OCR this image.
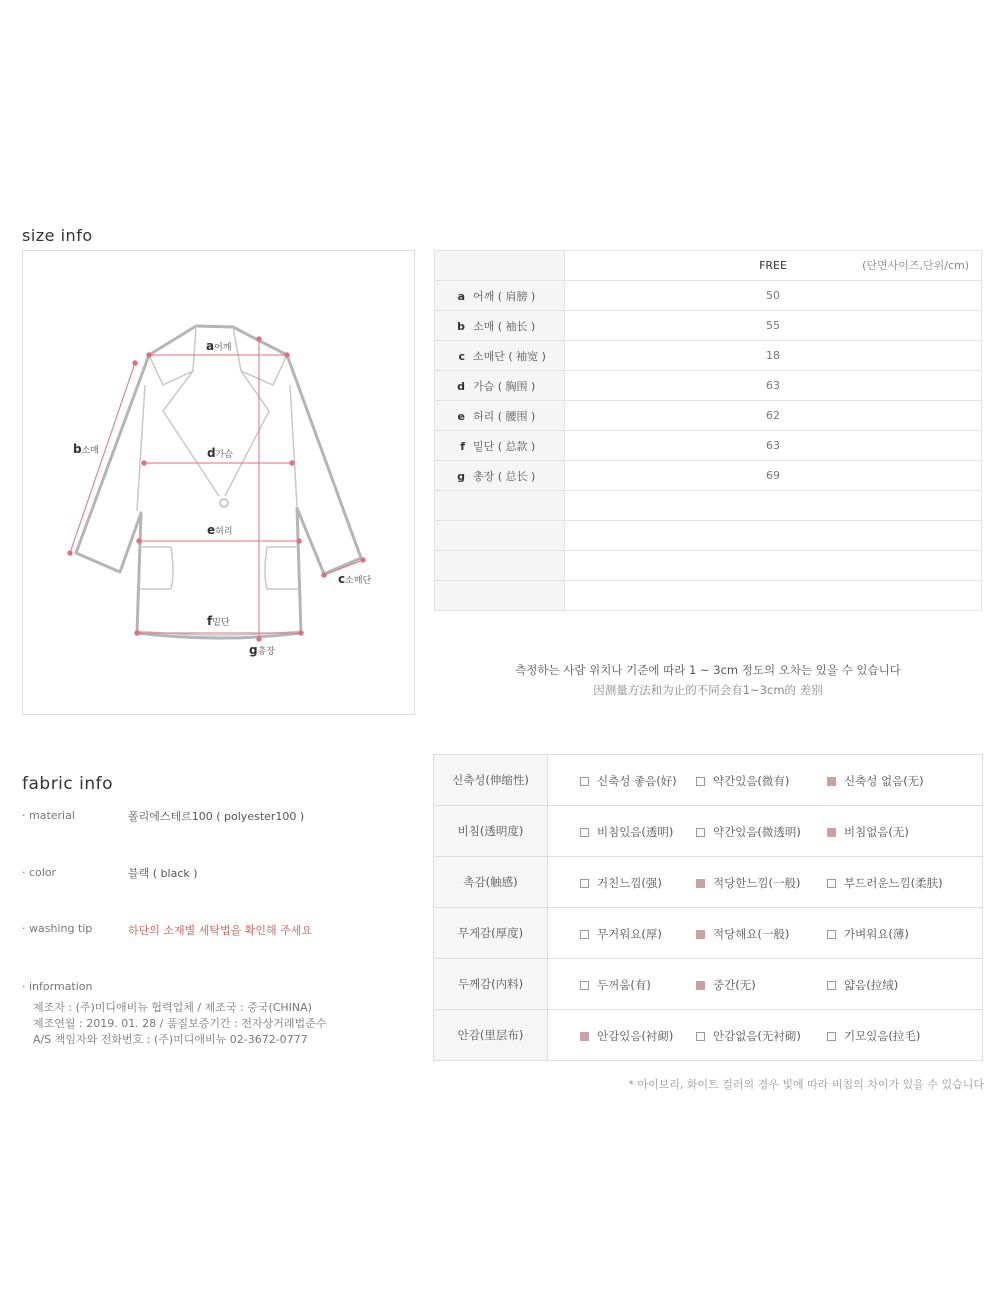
size info
a어깨
b소매
c소매단
d가슴
e허리
f밑단
g총장
	FREE (단면사이즈,단위/cm)

a 어깨 ( 肩膀 )	50
b 소매 ( 袖长 )	55
c 소매단 ( 袖宽 )	18
d 가슴 ( 胸围 )	63
e 허리 ( 腰围 )	62
f 밑단 ( 总款 )	63
g 총장 ( 总长 )	69

측정하는 사람 위치나 기준에 따라 1 ~ 3cm 정도의 오차는 있을 수 있습니다
因测量方法和为止的不同会有1~3cm的 差别
fabric info
· material	폴리에스테르100 ( polyester100 )
· color	블랙 ( black )
· washing tip	하단의 소재별 세탁법을 확인해 주세요
· information
제조자 : (주)미디애비뉴 협력업체 / 제조국 : 중국(CHINA)
제조연월 : 2019. 01. 28 / 품질보증기간 : 전자상거래법준수
A/S 책임자와 전화번호 : (주)미디애비뉴 02-3672-0777
신축성(伸缩性)	신축성 좋음(好) 약간있음(微有) 신축성 없음(无)

비침(透明度)	비침있음(透明) 약간있음(微透明) 비침없음(无)

촉감(触感)	거친느낌(强) 적당한느낌(一般) 부드러운느낌(柔肤)

무게감(厚度)	무거워요(厚) 적당해요(一般) 가벼워요(薄)

두께감(内料)	두꺼움(有) 중간(无) 얇음(拉绒)

안감(里层布)	안감있음(衬砌) 안감없음(无衬砌) 기모있음(拉毛)
* 아이보리, 화이트 컬러의 경우 빛에 따라 비침의 차이가 있을 수 있습니다
